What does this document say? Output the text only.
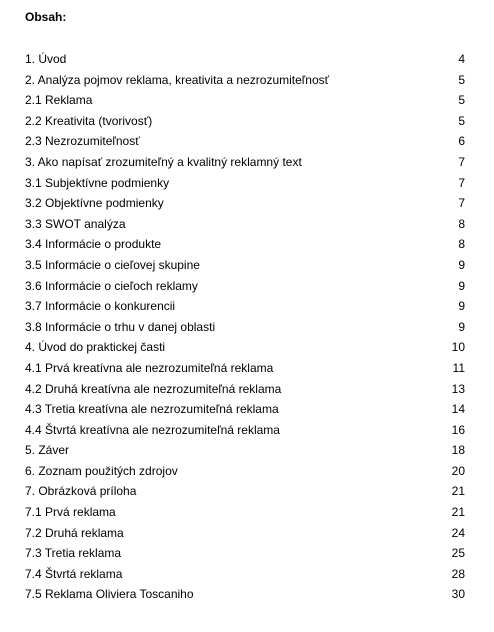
Obsah:
1. Úvod	4
2. Analýza pojmov reklama, kreativita a nezrozumiteľnosť	5
2.1 Reklama	5
2.2 Kreativita (tvorivosť)	5
2.3 Nezrozumiteľnosť	6
3. Ako napísať zrozumiteľný a kvalitný reklamný text	7
3.1 Subjektívne podmienky	7
3.2 Objektívne podmienky	7
3.3 SWOT analýza	8
3.4 Informácie o produkte	8
3.5 Informácie o cieľovej skupine	9
3.6 Informácie o cieľoch reklamy	9
3.7 Informácie o konkurencii	9
3.8 Informácie o trhu v danej oblasti	9
4. Úvod do praktickej časti	10
4.1 Prvá kreatívna ale nezrozumiteľná reklama	11
4.2 Druhá kreatívna ale nezrozumiteľná reklama	13
4.3 Tretia kreatívna ale nezrozumiteľná reklama	14
4.4 Štvrtá kreatívna ale nezrozumiteľná reklama	16
5. Záver	18
6. Zoznam použitých zdrojov	20
7. Obrázková príloha	21
7.1 Prvá reklama	21
7.2 Druhá reklama	24
7.3 Tretia reklama	25
7.4 Štvrtá reklama	28
7.5 Reklama Oliviera Toscaniho	30
